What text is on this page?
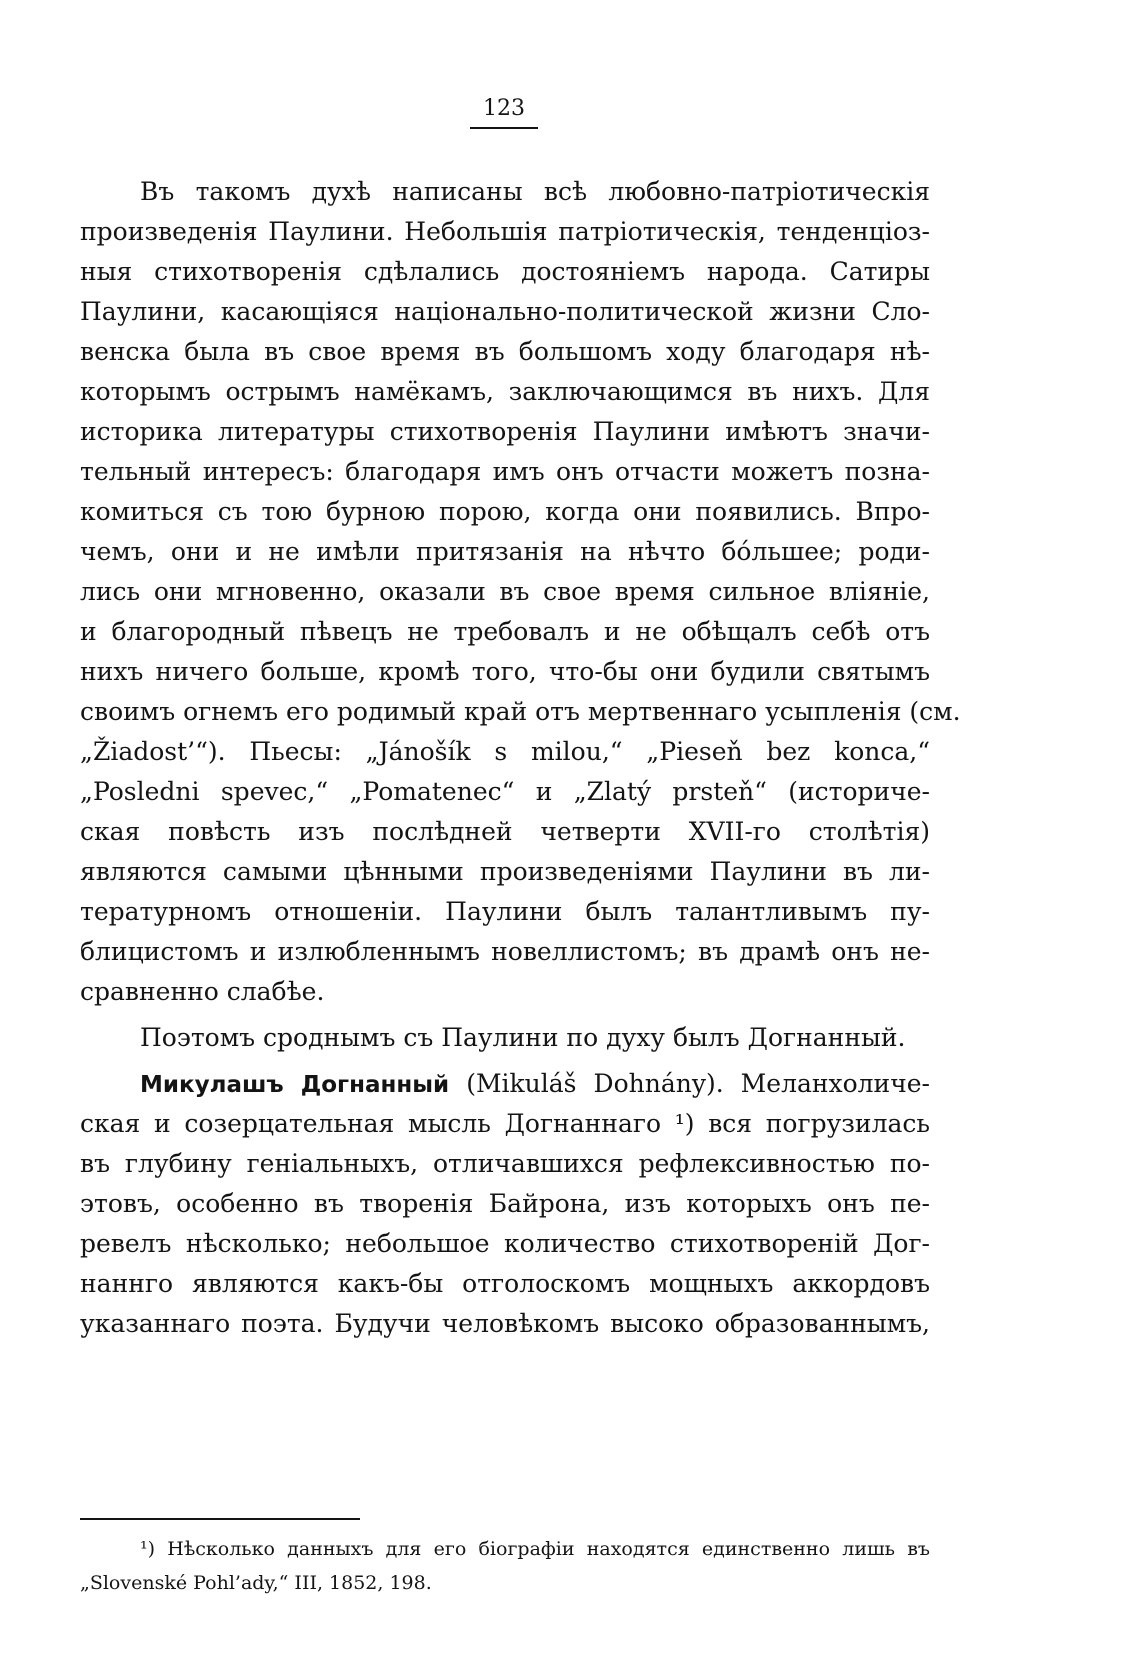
123
Въ такомъ духѣ написаны всѣ любовно-патріотическія
произведенія Паулини. Небольшія патріотическія, тенденціоз-
ныя стихотворенія сдѣлались достояніемъ народа. Сатиры
Паулини, касающіяся національно-политической жизни Сло-
венска была въ свое время въ большомъ ходу благодаря нѣ-
которымъ острымъ намёкамъ, заключающимся въ нихъ. Для
историка литературы стихотворенія Паулини имѣютъ значи-
тельный интересъ: благодаря имъ онъ отчасти можетъ позна-
комиться съ тою бурною порою, когда они появились. Впро-
чемъ, они и не имѣли притязанія на нѣчто бо́льшее; роди-
лись они мгновенно, оказали въ свое время сильное вліяніе,
и благородный пѣвецъ не требовалъ и не обѣщалъ себѣ отъ
нихъ ничего больше, кромѣ того, что-бы они будили святымъ
своимъ огнемъ его родимый край отъ мертвеннаго усыпленія (см.
„Žiadost’“). Пьесы: „Jánošík s milou,“ „Pieseň bez konca,“
„Posledni spevec,“ „Pomatenec“ и „Zlatý prsteň“ (историче-
ская повѣсть изъ послѣдней четверти XVII-го столѣтія)
являются самыми цѣнными произведеніями Паулини въ ли-
тературномъ отношеніи. Паулини былъ талантливымъ пу-
блицистомъ и излюбленнымъ новеллистомъ; въ драмѣ онъ не-
сравненно слабѣе.
Поэтомъ сроднымъ съ Паулини по духу былъ Догнанный.
Микулашъ Догнанный (Mikuláš Dohnány). Меланхоличе-
ская и созерцательная мысль Догнаннаго ¹) вся погрузилась
въ глубину геніальныхъ, отличавшихся рефлексивностью по-
этовъ, особенно въ творенія Байрона, изъ которыхъ онъ пе-
ревелъ нѣсколько; небольшое количество стихотвореній Дог-
наннго являются какъ-бы отголоскомъ мощныхъ аккордовъ
указаннаго поэта. Будучи человѣкомъ высоко образованнымъ,
¹) Нѣсколько данныхъ для его біографіи находятся единственно лишь въ
„Slovenské Pohl’ady,“ III, 1852, 198.
